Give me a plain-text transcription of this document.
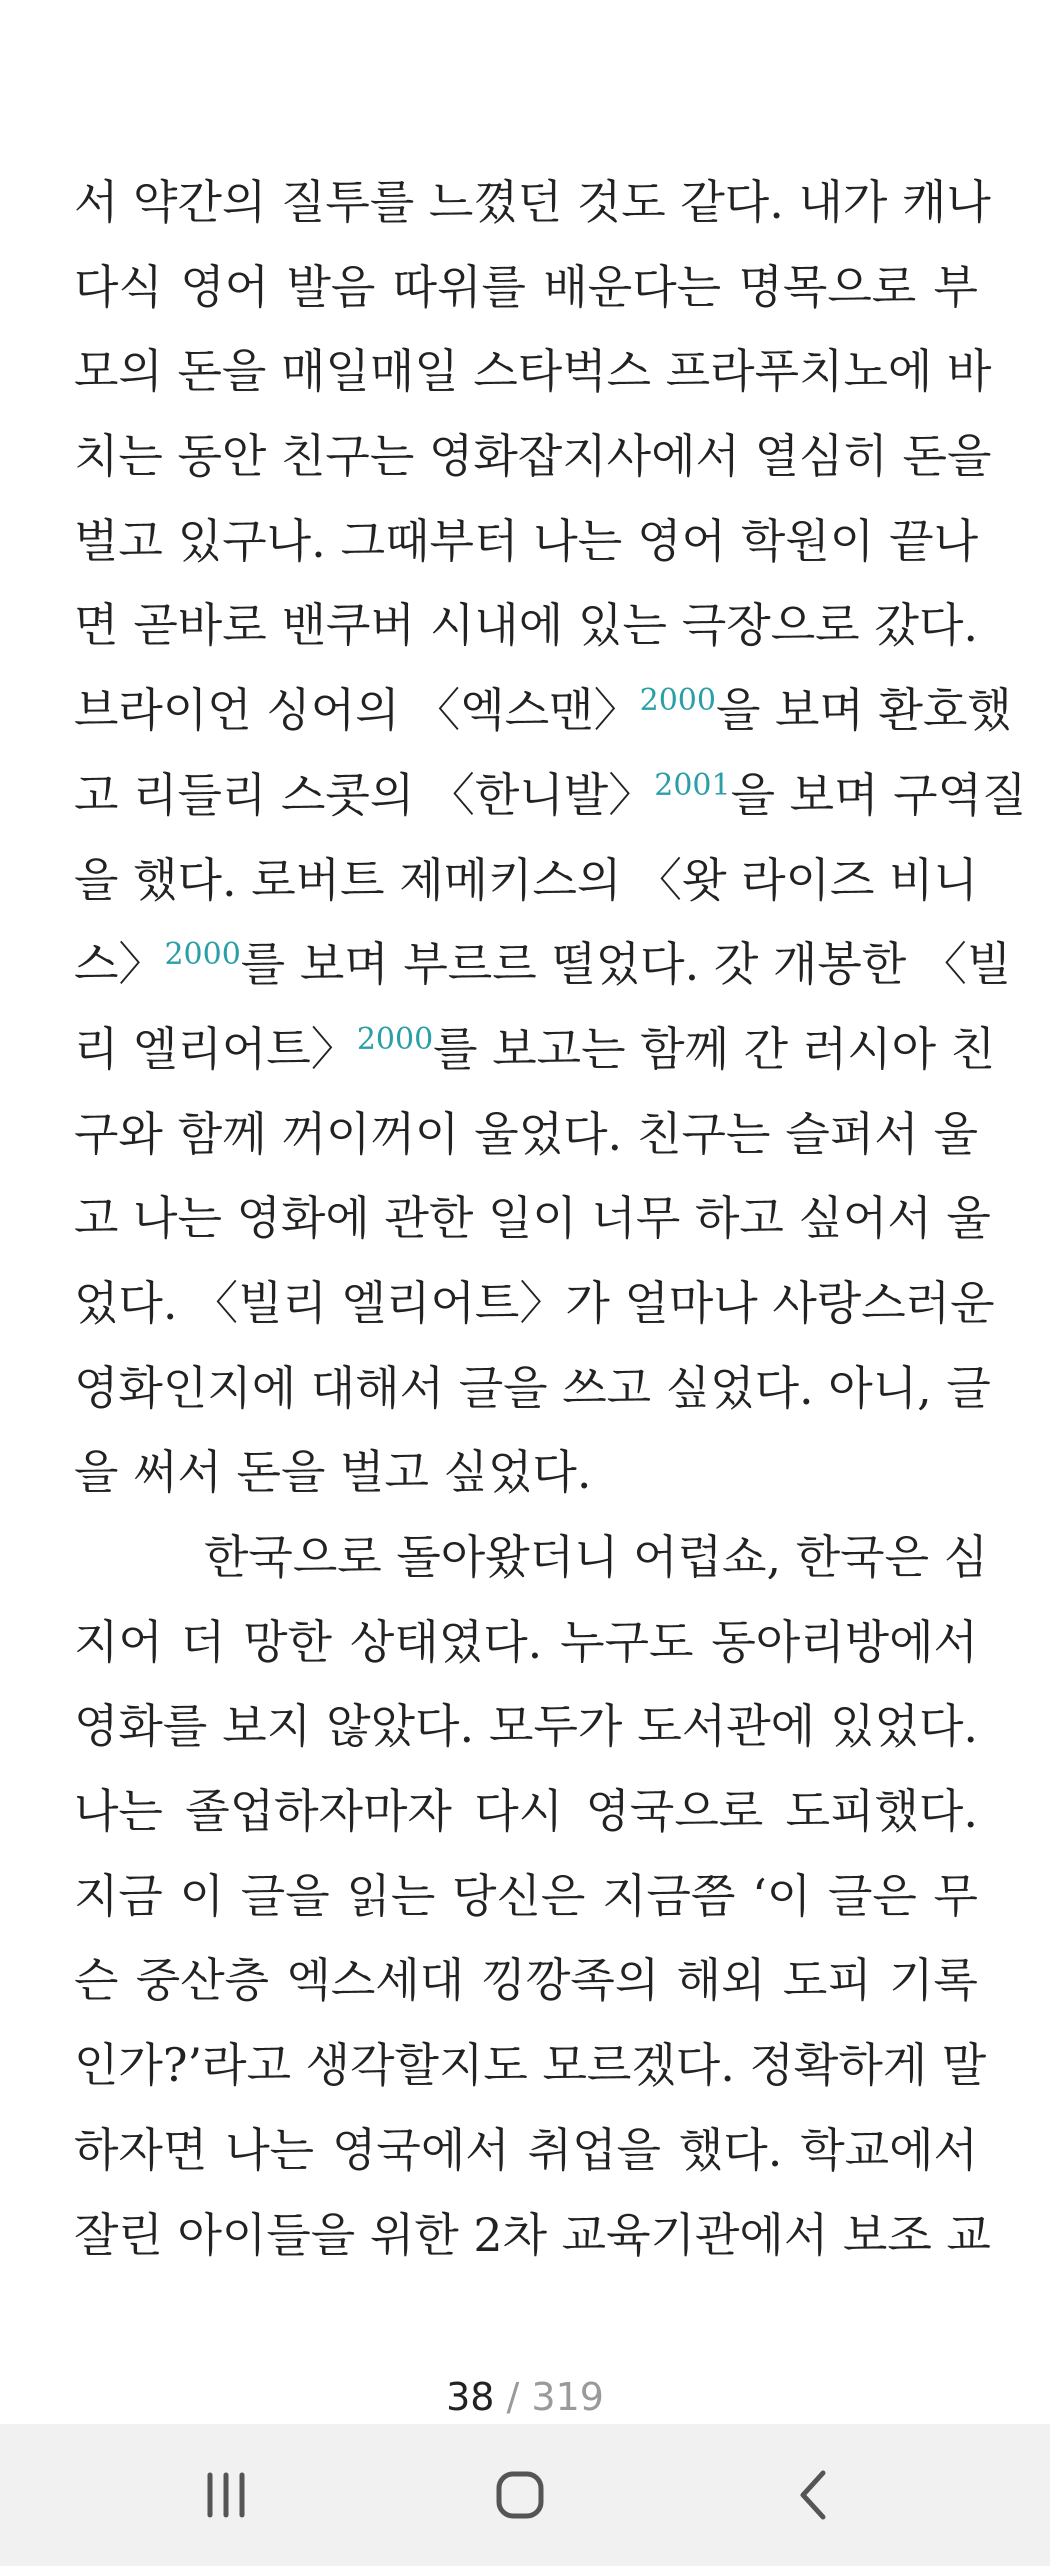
서 약간의 질투를 느꼈던 것도 같다. 내가 캐나
다식 영어 발음 따위를 배운다는 명목으로 부
모의 돈을 매일매일 스타벅스 프라푸치노에 바
치는 동안 친구는 영화잡지사에서 열심히 돈을
벌고 있구나. 그때부터 나는 영어 학원이 끝나
면 곧바로 밴쿠버 시내에 있는 극장으로 갔다.
브라이언 싱어의 〈엑스맨〉$^{2000}$을 보며 환호했
고 리들리 스콧의 〈한니발〉$^{2001}$을 보며 구역질
을 했다. 로버트 제메키스의 〈왓 라이즈 비니
스〉$^{2000}$를 보며 부르르 떨었다. 갓 개봉한 〈빌
리 엘리어트〉$^{2000}$를 보고는 함께 간 러시아 친
구와 함께 꺼이꺼이 울었다. 친구는 슬퍼서 울
고 나는 영화에 관한 일이 너무 하고 싶어서 울
었다. 〈빌리 엘리어트〉가 얼마나 사랑스러운
영화인지에 대해서 글을 쓰고 싶었다. 아니, 글
을 써서 돈을 벌고 싶었다.
한국으로 돌아왔더니 어럽쇼, 한국은 심
지어 더 망한 상태였다. 누구도 동아리방에서
영화를 보지 않았다. 모두가 도서관에 있었다.
나는 졸업하자마자 다시 영국으로 도피했다.
지금 이 글을 읽는 당신은 지금쯤 ‘이 글은 무
슨 중산층 엑스세대 낑깡족의 해외 도피 기록
인가?’라고 생각할지도 모르겠다. 정확하게 말
하자면 나는 영국에서 취업을 했다. 학교에서
잘린 아이들을 위한 2차 교육기관에서 보조 교
38 / 319
